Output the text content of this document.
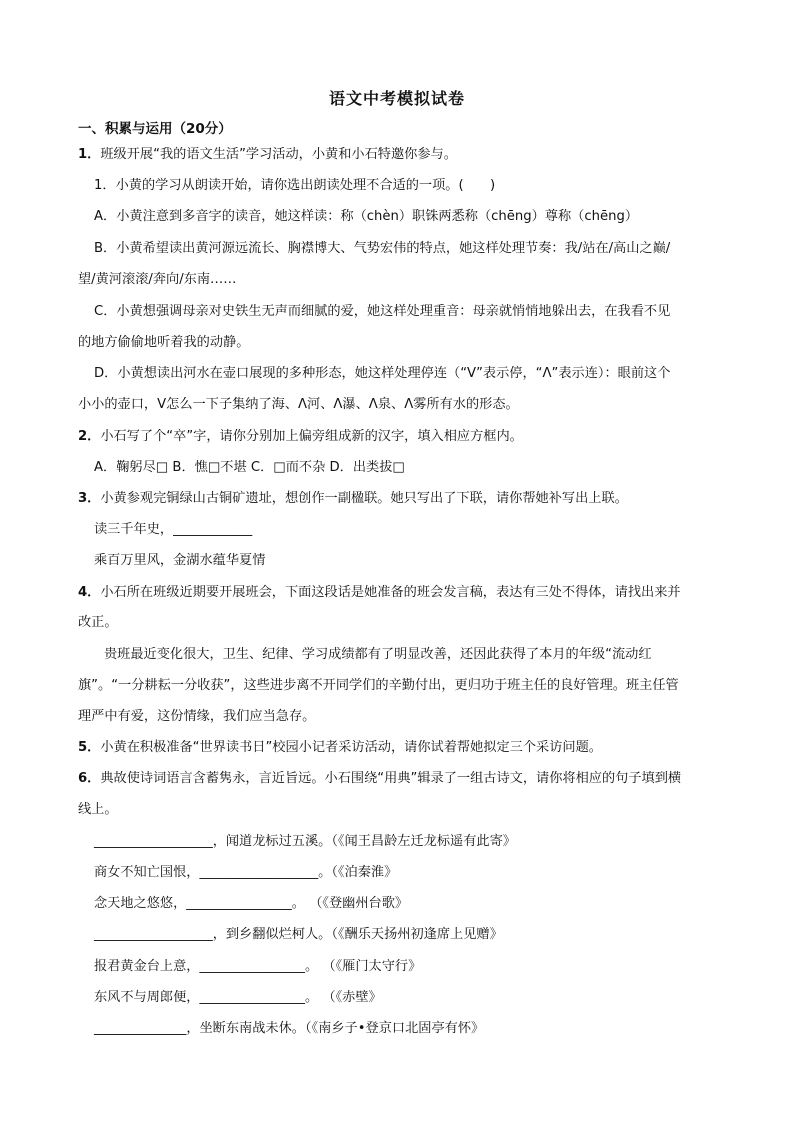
语文中考模拟试卷
一、积累与运用（20分）
1．班级开展“我的语文生活”学习活动，小黄和小石特邀你参与。
1．小黄的学习从朗读开始，请你选出朗读处理不合适的一项。(　　)
A．小黄注意到多音字的读音，她这样读：称（chèn）职铢两悉称（chēng）尊称（chēng）
B．小黄希望读出黄河源远流长、胸襟博大、气势宏伟的特点，她这样处理节奏：我/站在/高山之巅/
望/黄河滚滚/奔向/东南……
C．小黄想强调母亲对史铁生无声而细腻的爱，她这样处理重音：母亲就悄悄地躲出去，在我看不见
的地方偷偷地听着我的动静。
D．小黄想读出河水在壶口展现的多种形态，她这样处理停连（“V”表示停，“Λ”表示连）：眼前这个
小小的壶口，V怎么一下子集纳了海、Λ河、Λ瀑、Λ泉、Λ雾所有水的形态。
2．小石写了个“卒”字，请你分别加上偏旁组成新的汉字，填入相应方框内。
A．鞠躬尽□ B．憔□不堪 C．□而不杂 D．出类拔□
3．小黄参观完铜绿山古铜矿遗址，想创作一副楹联。她只写出了下联，请你帮她补写出上联。
读三千年史，____________
乘百万里风，金湖水蕴华夏情
4．小石所在班级近期要开展班会，下面这段话是她准备的班会发言稿，表达有三处不得体，请找出来并
改正。
贵班最近变化很大，卫生、纪律、学习成绩都有了明显改善，还因此获得了本月的年级“流动红
旗”。“一分耕耘一分收获”，这些进步离不开同学们的辛勤付出，更归功于班主任的良好管理。班主任管
理严中有爱，这份情缘，我们应当急存。
5．小黄在积极准备“世界读书日”校园小记者采访活动，请你试着帮她拟定三个采访问题。
6．典故使诗词语言含蓄隽永，言近旨远。小石围绕“用典”辑录了一组古诗文，请你将相应的句子填到横
线上。
__________________，闻道龙标过五溪。（《闻王昌龄左迁龙标遥有此寄》
商女不知亡国恨，__________________。（《泊秦淮》
念天地之悠悠，________________。 （《登幽州台歌》
__________________，到乡翻似烂柯人。（《酬乐天扬州初逢席上见赠》
报君黄金台上意，________________。 （《雁门太守行》
东风不与周郎便，________________。 （《赤壁》
______________，坐断东南战未休。（《南乡子•登京口北固亭有怀》
